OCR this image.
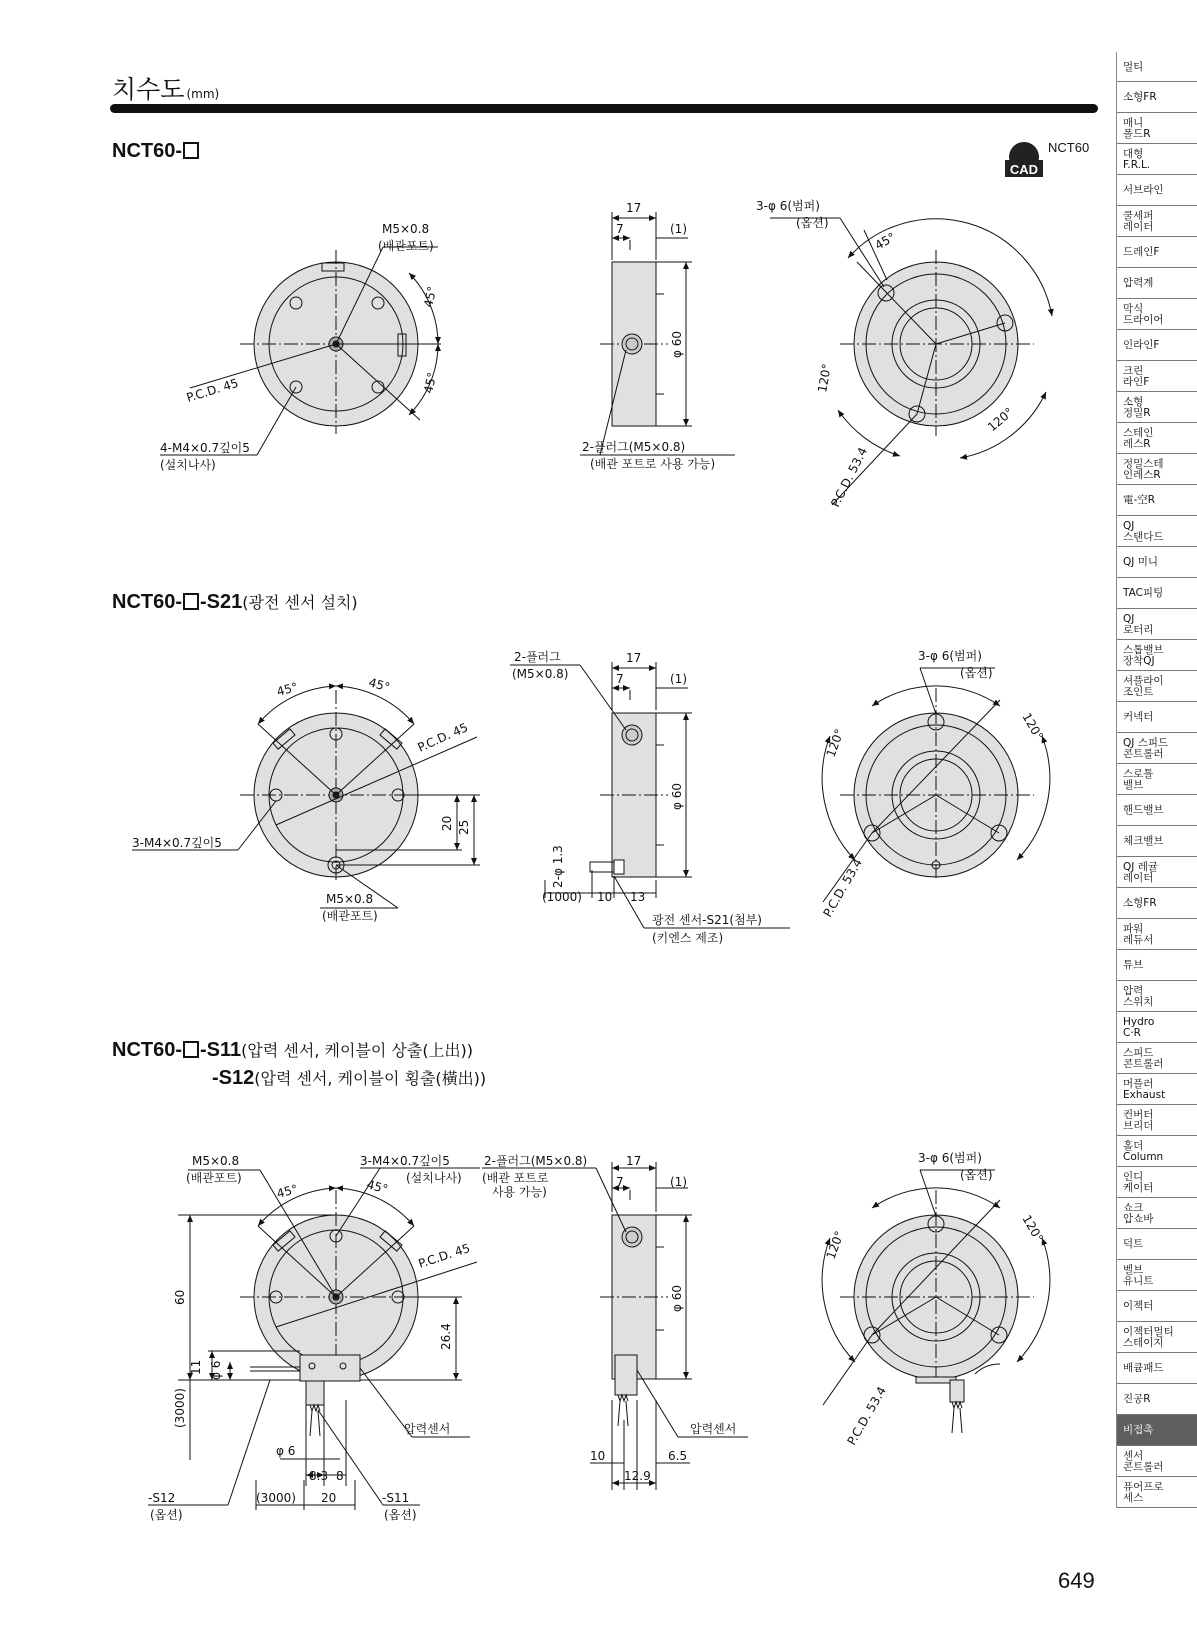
치수도 (mm)
CAD
NCT60
NCT60-
NCT60- -S21(광전 센서 설치)
NCT60- -S11(압력 센서, 케이블이 상출(上出))
-S12(압력 센서, 케이블이 횡출(橫出))
M5×0.8
(배관포트)
45°
45°
P.C.D. 45
4-M4×0.7깊이5
(설치나사)
17
7	(1)
φ 60
2-플러그(M5×0.8)
(배관 포트로 사용 가능)
3-φ 6(범퍼)
(옵션)
45°
120°
120°
P.C.D. 53.4
45°	45°
P.C.D. 45
3-M4×0.7깊이5
20 25
M5×0.8
(배관포트)
2-플러그
(M5×0.8)
17
7	(1)
φ 60
2-φ 1.3
(1000) 10 13
광전 센서-S21(첨부)
(키엔스 제조)
3-φ 6(범퍼)
(옵션)
120°
120°
P.C.D. 53.4
M5×0.8
(배관포트)
3-M4×0.7깊이5
(설치나사)
45°	45°
P.C.D. 45
60
11 φ 6
(3000)
26.4
압력센서
φ 6
8.3 8
(3000) 20
-S12
(옵션)
-S11
(옵션)
2-플러그(M5×0.8)
(배관 포트로
사용 가능)
17
7	(1)
φ 60
압력센서
10	6.5
12.9
3-φ 6(범퍼)
(옵션)
120°
120°
P.C.D. 53.4
649
멀티
소형FR
매니
폴드R
대형
F.R.L.
서브라인
쿨세퍼
레이터
드레인F
압력계
막식
드라이어
인라인F
크린
라인F
소형
정밀R
스테인
레스R
정밀스테
인레스R
電-空R
QJ
스탠다드
QJ 미니
TAC피팅
QJ
로터리
스톱밸브
장착QJ
셔플라이
조인트
커넥터
QJ 스피드
콘트롤러
스로틀
밸브
핸드밸브
체크밸브
QJ 레귤
레이터
소형FR
파워
레듀서
튜브
압력
스위치
Hydro
C·R
스피드
콘트롤러
머플러
Exhaust
컨버터
브리더
홀더
Column
인디
케이터
쇼크
압쇼바
덕트
벨브
유니트
이젝터
이젝터멀티
스테이지
배큠패드
진공R
비접촉
센서
콘트롤러
퓨어프로
세스
